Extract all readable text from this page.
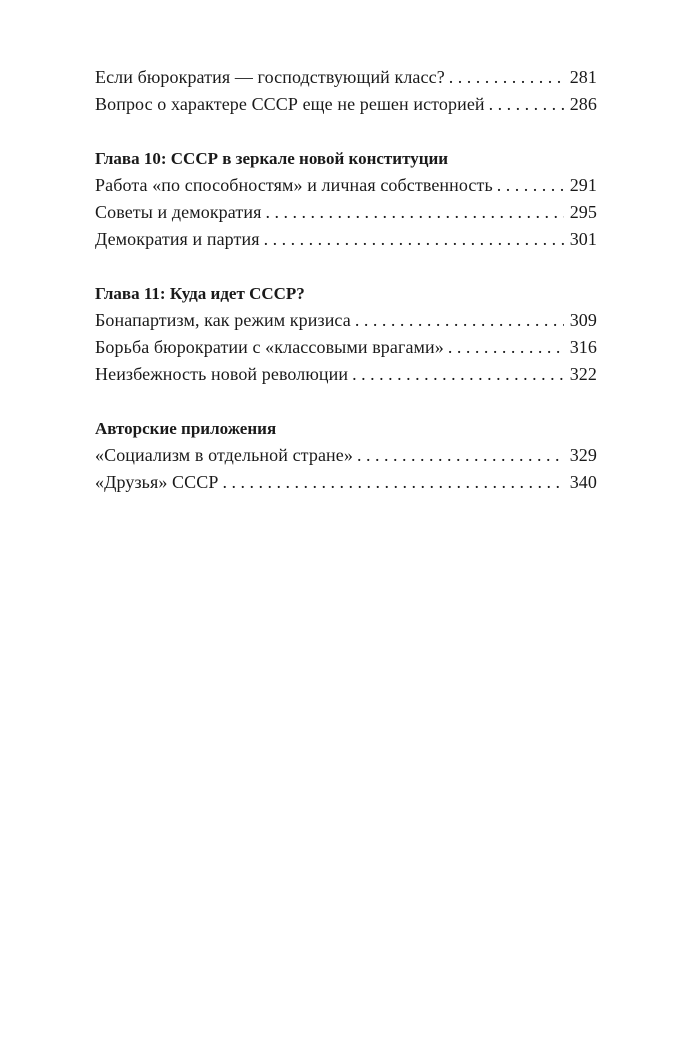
Если бюрократия — господствующий класс? . . .	281
Вопрос о характере СССР еще не решен историей . . .	286
Глава 10: СССР в зеркале новой конституции
Работа «по способностям» и личная собственность . . .	291
Советы и демократия . . .	295
Демократия и партия . . .	301
Глава 11: Куда идет СССР?
Бонапартизм, как режим кризиса . . .	309
Борьба бюрократии с «классовыми врагами» . . .	316
Неизбежность новой революции . . .	322
Авторские приложения
«Социализм в отдельной стране» . . .	329
«Друзья» СССР . . .	340
